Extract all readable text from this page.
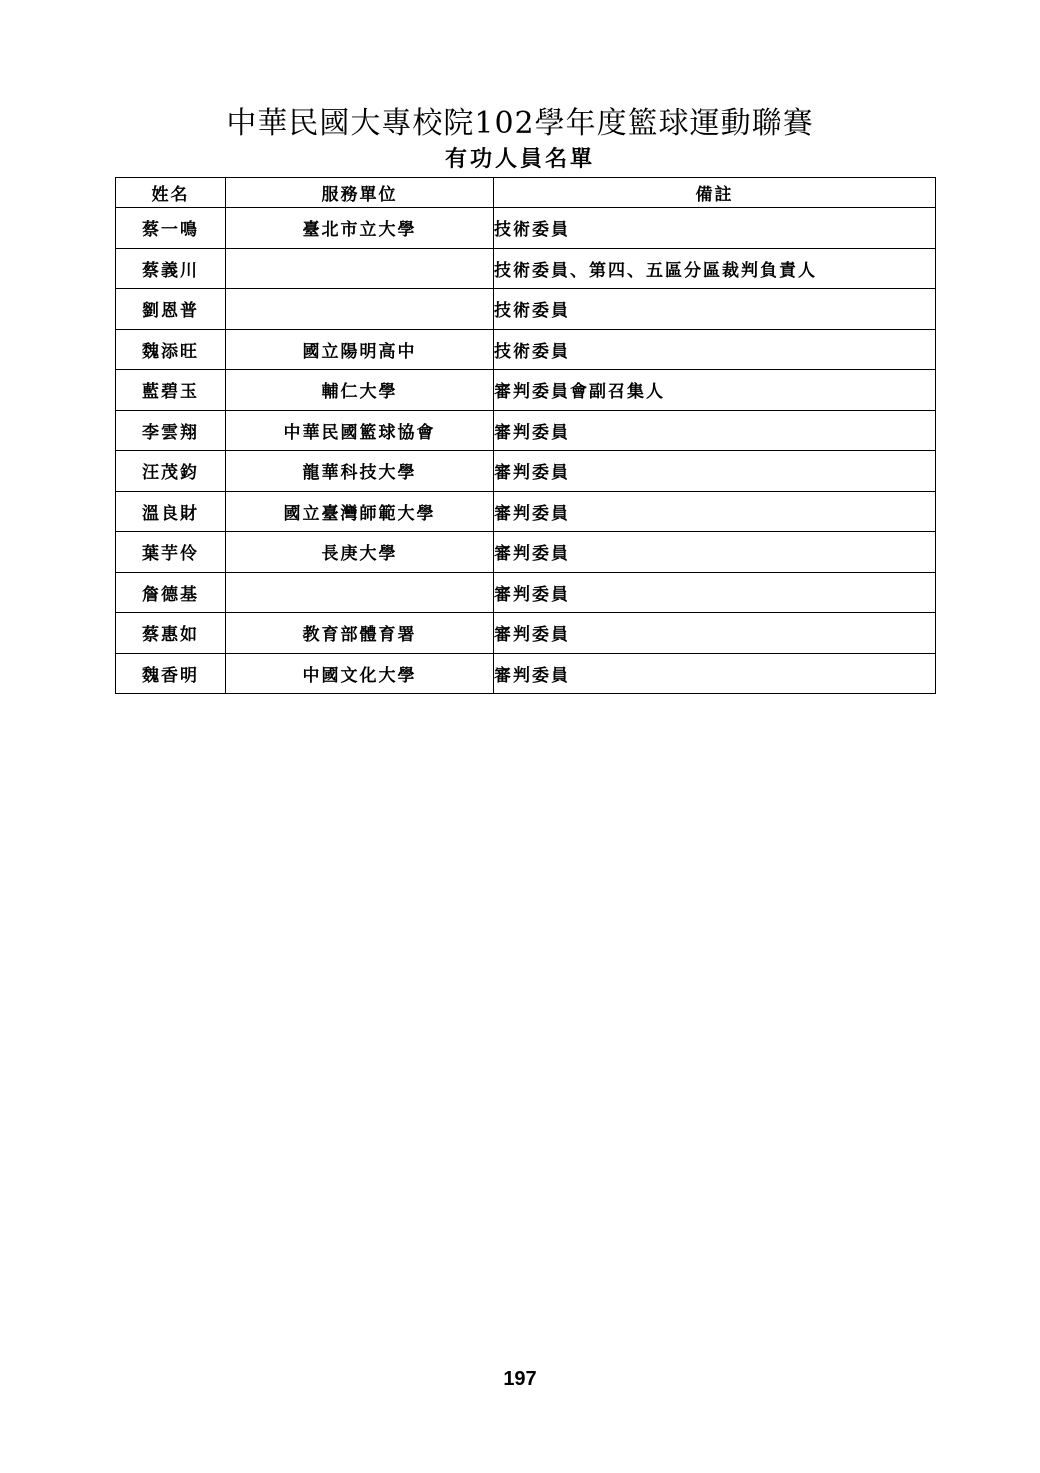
中華民國大專校院102學年度籃球運動聯賽
有功人員名單
姓名	服務單位	備註
蔡一鳴	臺北市立大學	技術委員
蔡義川		技術委員、第四、五區分區裁判負責人
劉恩普		技術委員
魏添旺	國立陽明高中	技術委員
藍碧玉	輔仁大學	審判委員會副召集人
李雲翔	中華民國籃球協會	審判委員
汪茂鈞	龍華科技大學	審判委員
溫良財	國立臺灣師範大學	審判委員
葉芋伶	長庚大學	審判委員
詹德基		審判委員
蔡惠如	教育部體育署	審判委員
魏香明	中國文化大學	審判委員
197
